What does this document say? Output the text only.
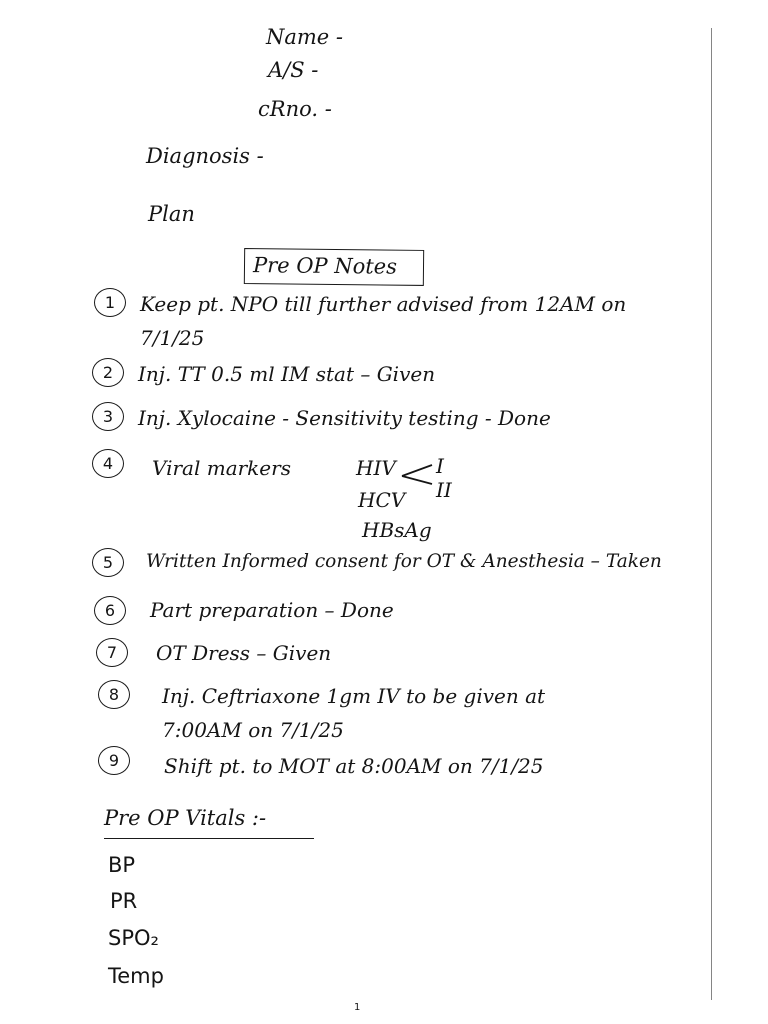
Name -
A/S -
cRno. -
Diagnosis -
Plan
Pre OP Notes
1	Keep pt. NPO till further advised from 12AM on
7/1/25
2	Inj. TT 0.5 ml IM stat – Given
3	Inj. Xylocaine - Sensitivity testing - Done
4	Viral markers	HIV
HCV
HBsAg
I
II
5	Written Informed consent for OT & Anesthesia – Taken
6	Part preparation – Done
7	OT Dress – Given
8	Inj. Ceftriaxone 1gm IV to be given at
7:00AM on 7/1/25
9	Shift pt. to MOT at 8:00AM on 7/1/25
Pre OP Vitals :-
BP
PR
SPO₂
Temp
1
